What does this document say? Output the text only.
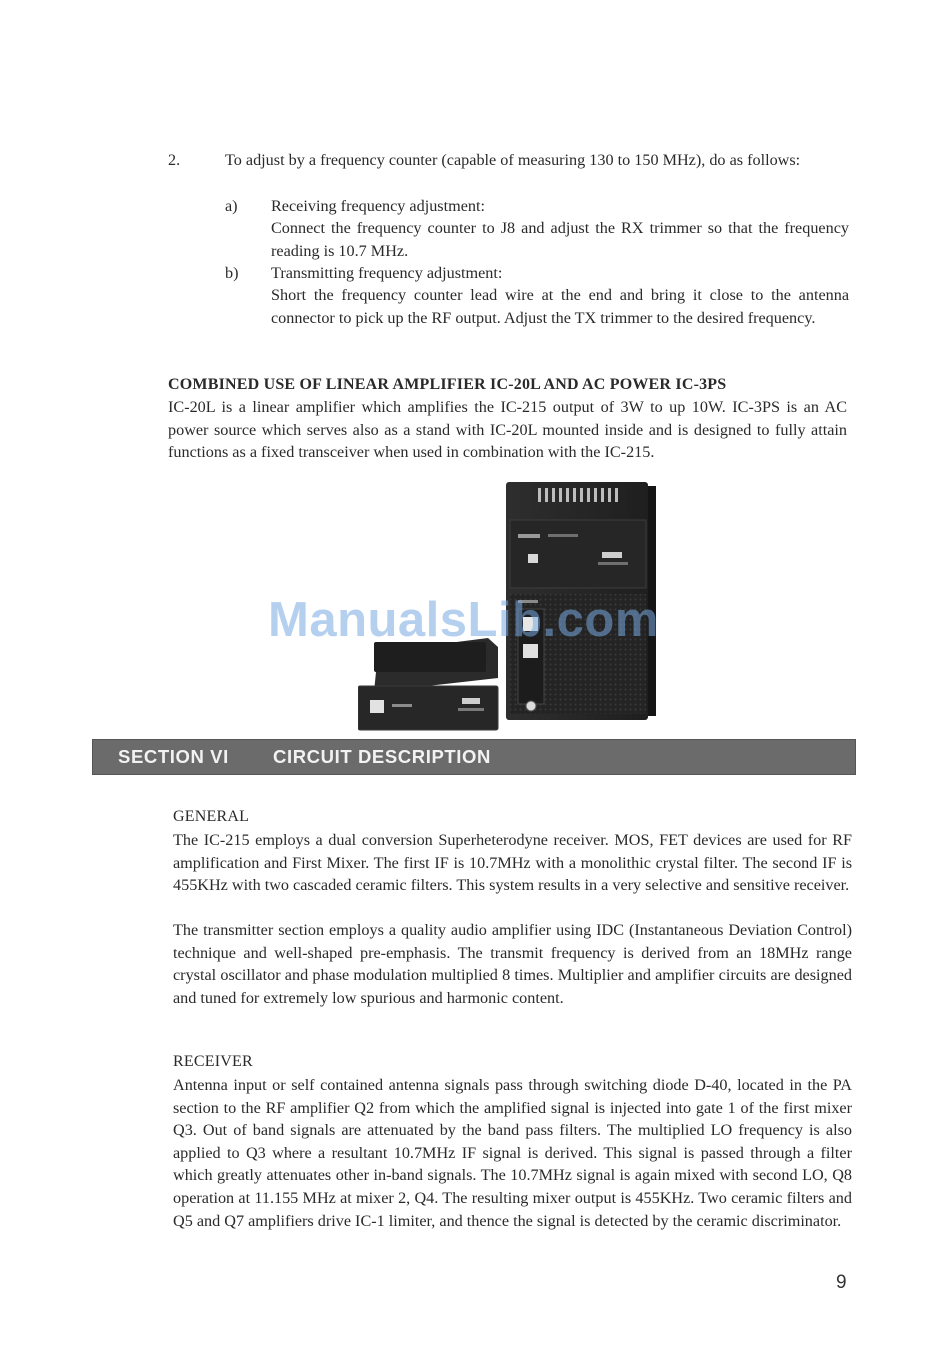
2.	To adjust by a frequency counter (capable of measuring 130 to 150 MHz), do as follows:

a) Receiving frequency adjustment:

Connect the frequency counter to J8 and adjust the RX trimmer so that the frequency reading is 10.7 MHz.

b) Transmitting frequency adjustment:

Short the frequency counter lead wire at the end and bring it close to the antenna connector to pick up the RF output. Adjust the TX trimmer to the desired frequency.

COMBINED USE OF LINEAR AMPLIFIER IC-20L AND AC POWER IC-3PS

IC-20L is a linear amplifier which amplifies the IC-215 output of 3W to up 10W. IC-3PS is an AC power source which serves also as a stand with IC-20L mounted inside and is designed to fully attain functions as a fixed transceiver when used in combination with the IC-215.

ManualsLib.com
SECTION VI CIRCUIT DESCRIPTION
GENERAL

The IC-215 employs a dual conversion Superheterodyne receiver. MOS, FET devices are used for RF amplification and First Mixer. The first IF is 10.7MHz with a monolithic crystal filter. The second IF is 455KHz with two cascaded ceramic filters. This system results in a very selective and sensitive receiver.

The transmitter section employs a quality audio amplifier using IDC (Instantaneous Deviation Control) technique and well-shaped pre-emphasis. The transmit frequency is derived from an 18MHz range crystal oscillator and phase modulation multiplied 8 times. Multiplier and amplifier circuits are designed and tuned for extremely low spurious and harmonic content.

RECEIVER

Antenna input or self contained antenna signals pass through switching diode D-40, located in the PA section to the RF amplifier Q2 from which the amplified signal is injected into gate 1 of the first mixer Q3. Out of band signals are attenuated by the band pass filters. The multiplied LO frequency is also applied to Q3 where a resultant 10.7MHz IF signal is derived. This signal is passed through a filter which greatly attenuates other in-band signals. The 10.7MHz signal is again mixed with second LO, Q8 operation at 11.155 MHz at mixer 2, Q4. The resulting mixer output is 455KHz. Two ceramic filters and Q5 and Q7 amplifiers drive IC-1 limiter, and thence the signal is detected by the ceramic discriminator.

9
